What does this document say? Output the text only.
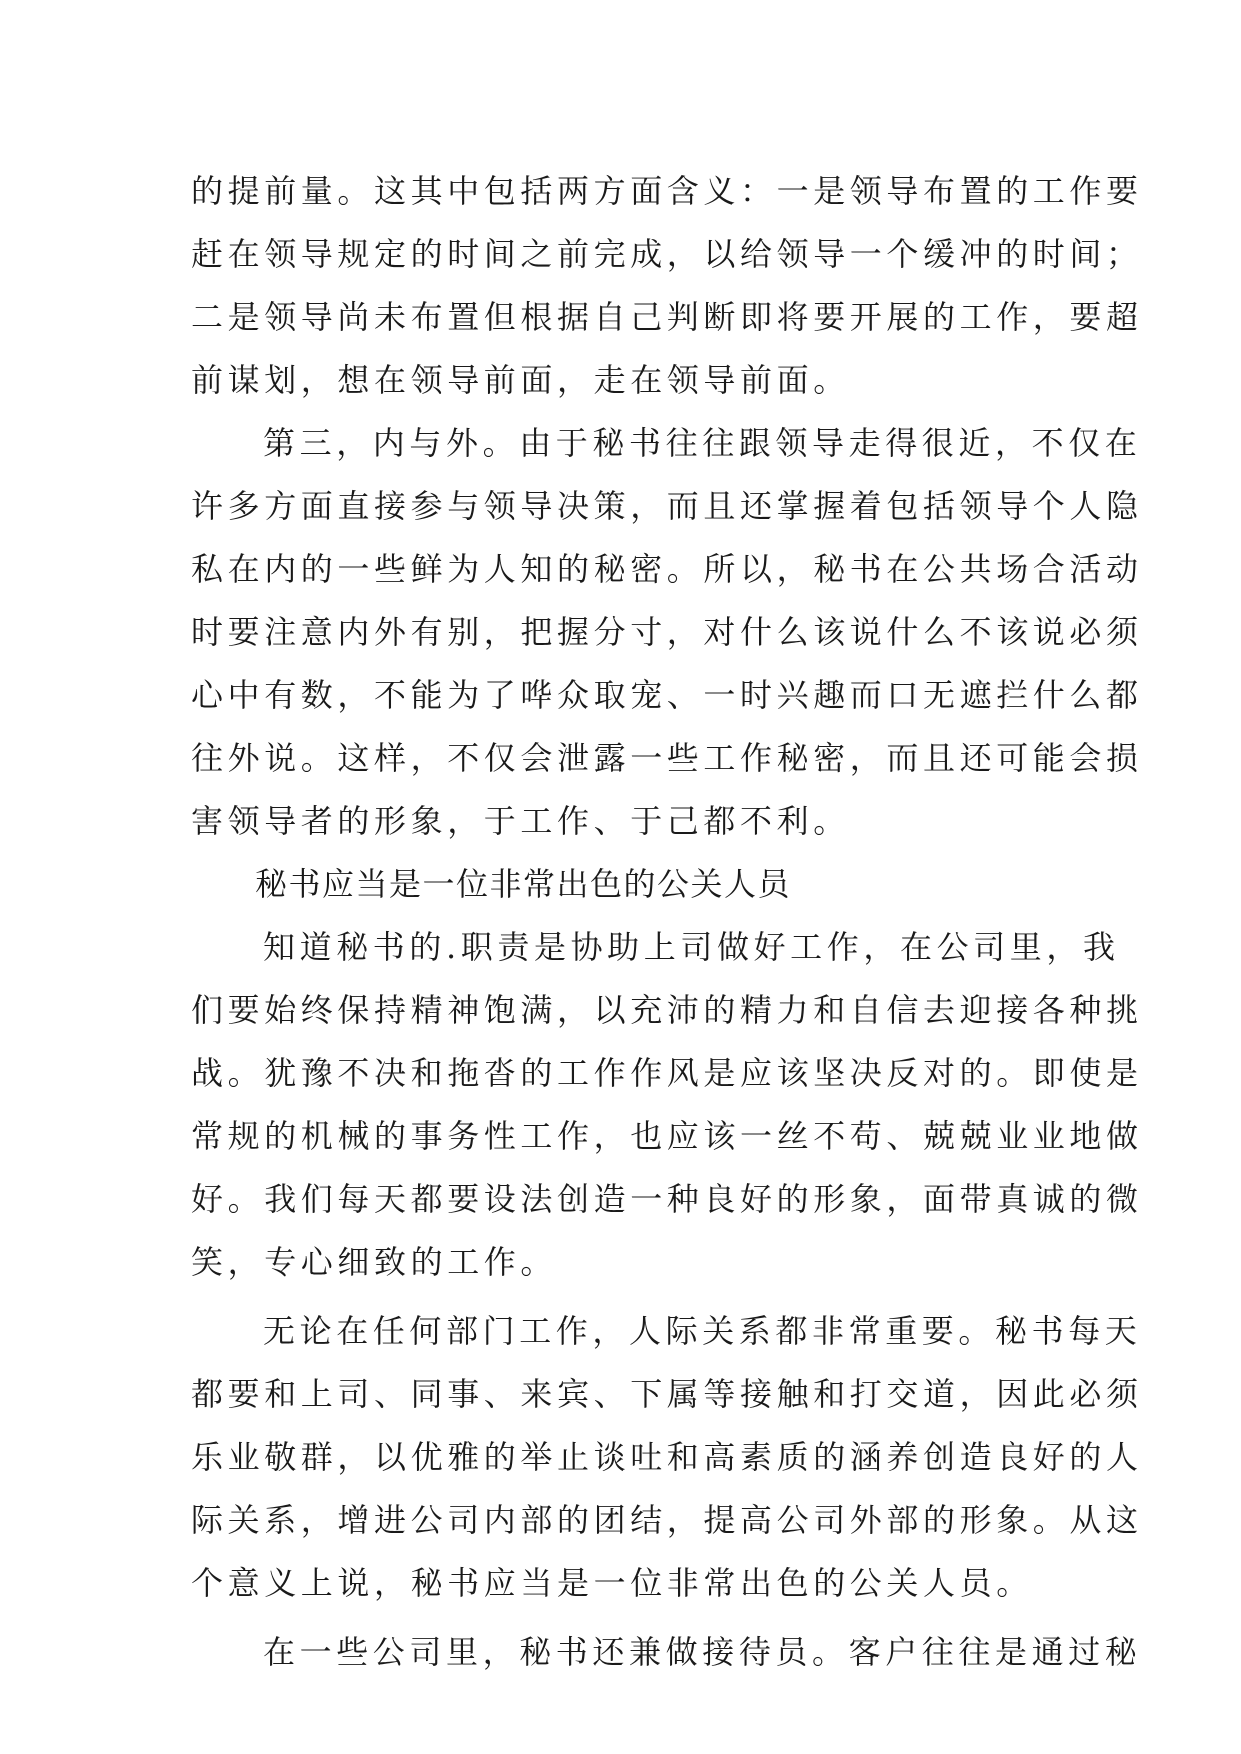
的提前量。这其中包括两方面含义：一是领导布置的工作要
赶在领导规定的时间之前完成，以给领导一个缓冲的时间；
二是领导尚未布置但根据自己判断即将要开展的工作，要超
前谋划，想在领导前面，走在领导前面。
第三，内与外。由于秘书往往跟领导走得很近，不仅在
许多方面直接参与领导决策，而且还掌握着包括领导个人隐
私在内的一些鲜为人知的秘密。所以，秘书在公共场合活动
时要注意内外有别，把握分寸，对什么该说什么不该说必须
心中有数，不能为了哗众取宠、一时兴趣而口无遮拦什么都
往外说。这样，不仅会泄露一些工作秘密，而且还可能会损
害领导者的形象，于工作、于己都不利。
秘书应当是一位非常出色的公关人员
知道秘书的.职责是协助上司做好工作，在公司里，我
们要始终保持精神饱满，以充沛的精力和自信去迎接各种挑
战。犹豫不决和拖沓的工作作风是应该坚决反对的。即使是
常规的机械的事务性工作，也应该一丝不苟、兢兢业业地做
好。我们每天都要设法创造一种良好的形象，面带真诚的微
笑，专心细致的工作。
无论在任何部门工作，人际关系都非常重要。秘书每天
都要和上司、同事、来宾、下属等接触和打交道，因此必须
乐业敬群，以优雅的举止谈吐和高素质的涵养创造良好的人
际关系，增进公司内部的团结，提高公司外部的形象。从这
个意义上说，秘书应当是一位非常出色的公关人员。
在一些公司里，秘书还兼做接待员。客户往往是通过秘
